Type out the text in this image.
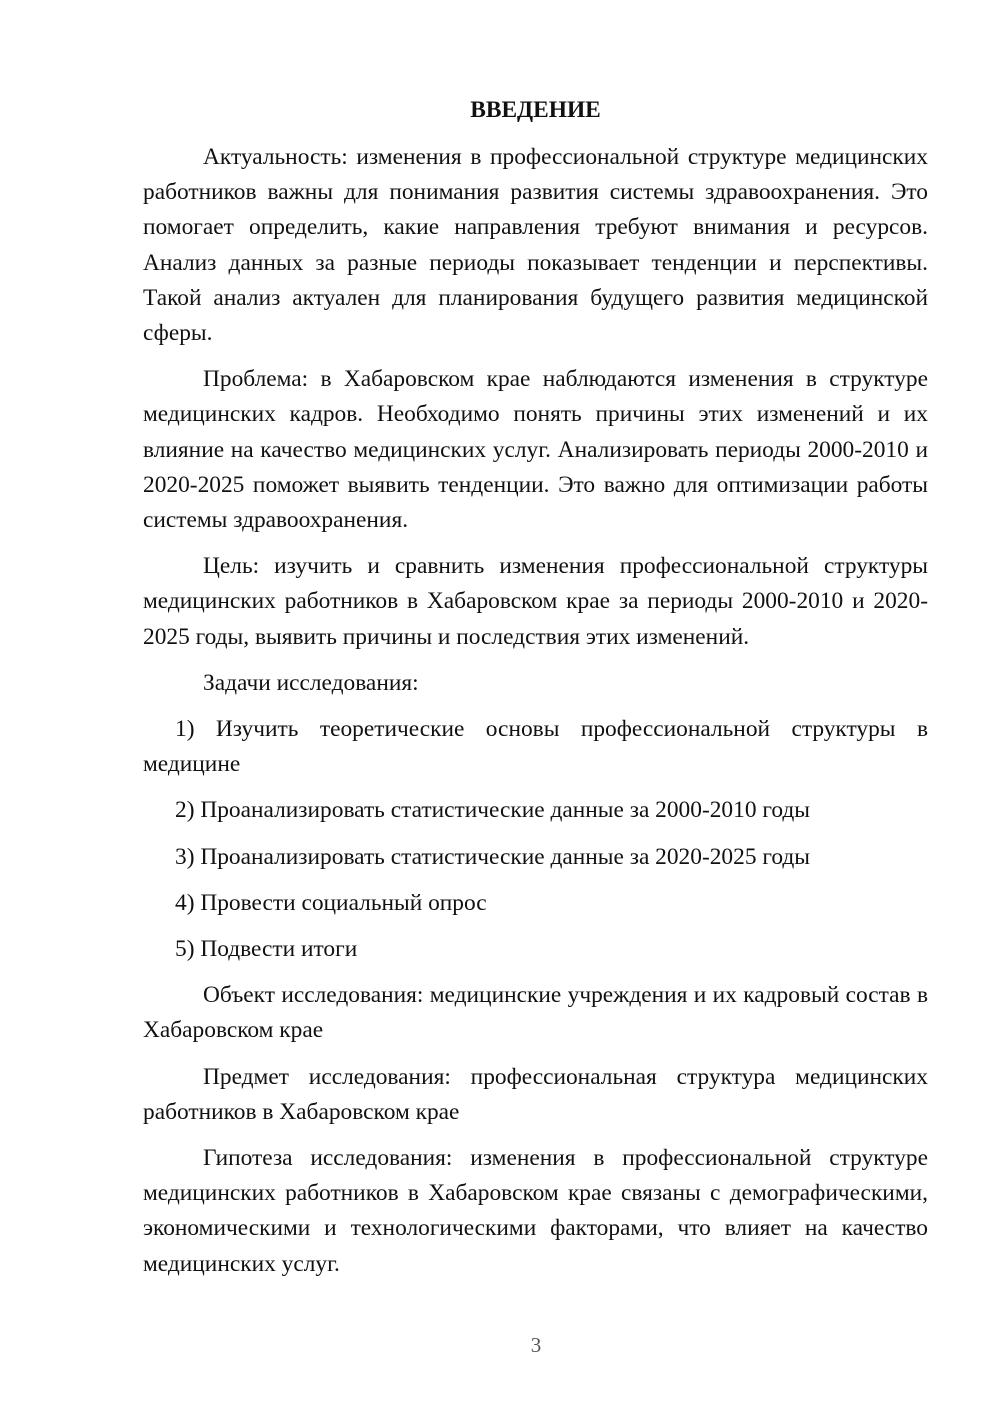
ВВЕДЕНИЕ

Актуальность: изменения в профессиональной структуре медицинских работников важны для понимания развития системы здравоохранения. Это помогает определить, какие направления требуют внимания и ресурсов. Анализ данных за разные периоды показывает тенденции и перспективы. Такой анализ актуален для планирования будущего развития медицинской сферы.

Проблема: в Хабаровском крае наблюдаются изменения в структуре медицинских кадров. Необходимо понять причины этих изменений и их влияние на качество медицинских услуг. Анализировать периоды 2000-2010 и 2020-2025 поможет выявить тенденции. Это важно для оптимизации работы системы здравоохранения.

Цель: изучить и сравнить изменения профессиональной структуры медицинских работников в Хабаровском крае за периоды 2000-2010 и 2020-2025 годы, выявить причины и последствия этих изменений.

Задачи исследования:

1) Изучить теоретические основы профессиональной структуры в медицине

2) Проанализировать статистические данные за 2000-2010 годы

3) Проанализировать статистические данные за 2020-2025 годы

4) Провести социальный опрос

5) Подвести итоги

Объект исследования: медицинские учреждения и их кадровый состав в Хабаровском крае

Предмет исследования: профессиональная структура медицинских работников в Хабаровском крае

Гипотеза исследования: изменения в профессиональной структуре медицинских работников в Хабаровском крае связаны с демографическими, экономическими и технологическими факторами, что влияет на качество медицинских услуг.

3
